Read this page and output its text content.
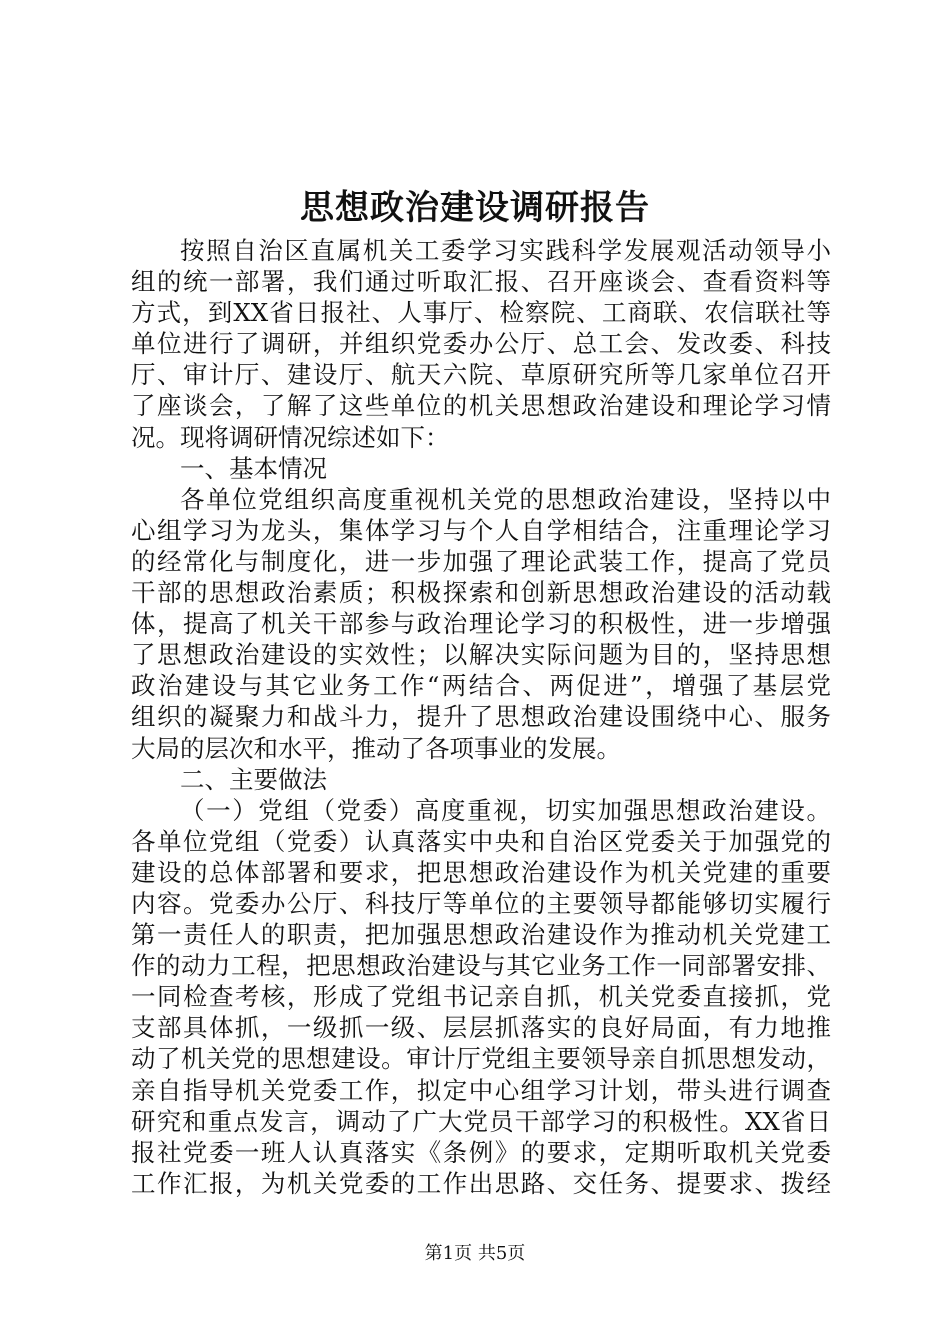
思想政治建设调研报告
按照自治区直属机关工委学习实践科学发展观活动领导小
组的统一部署，我们通过听取汇报、召开座谈会、查看资料等
方式，到XX省日报社、人事厅、检察院、工商联、农信联社等
单位进行了调研，并组织党委办公厅、总工会、发改委、科技
厅、审计厅、建设厅、航天六院、草原研究所等几家单位召开
了座谈会，了解了这些单位的机关思想政治建设和理论学习情
况。现将调研情况综述如下：
一、基本情况
各单位党组织高度重视机关党的思想政治建设，坚持以中
心组学习为龙头，集体学习与个人自学相结合，注重理论学习
的经常化与制度化，进一步加强了理论武装工作，提高了党员
干部的思想政治素质；积极探索和创新思想政治建设的活动载
体，提高了机关干部参与政治理论学习的积极性，进一步增强
了思想政治建设的实效性；以解决实际问题为目的，坚持思想
政治建设与其它业务工作“两结合、两促进”，增强了基层党
组织的凝聚力和战斗力，提升了思想政治建设围绕中心、服务
大局的层次和水平，推动了各项事业的发展。
二、主要做法
（一）党组（党委）高度重视，切实加强思想政治建设。
各单位党组（党委）认真落实中央和自治区党委关于加强党的
建设的总体部署和要求，把思想政治建设作为机关党建的重要
内容。党委办公厅、科技厅等单位的主要领导都能够切实履行
第一责任人的职责，把加强思想政治建设作为推动机关党建工
作的动力工程，把思想政治建设与其它业务工作一同部署安排、
一同检查考核，形成了党组书记亲自抓，机关党委直接抓，党
支部具体抓，一级抓一级、层层抓落实的良好局面，有力地推
动了机关党的思想建设。审计厅党组主要领导亲自抓思想发动，
亲自指导机关党委工作，拟定中心组学习计划，带头进行调查
研究和重点发言，调动了广大党员干部学习的积极性。XX省日
报社党委一班人认真落实《条例》的要求，定期听取机关党委
工作汇报，为机关党委的工作出思路、交任务、提要求、拨经
第1页 共5页
